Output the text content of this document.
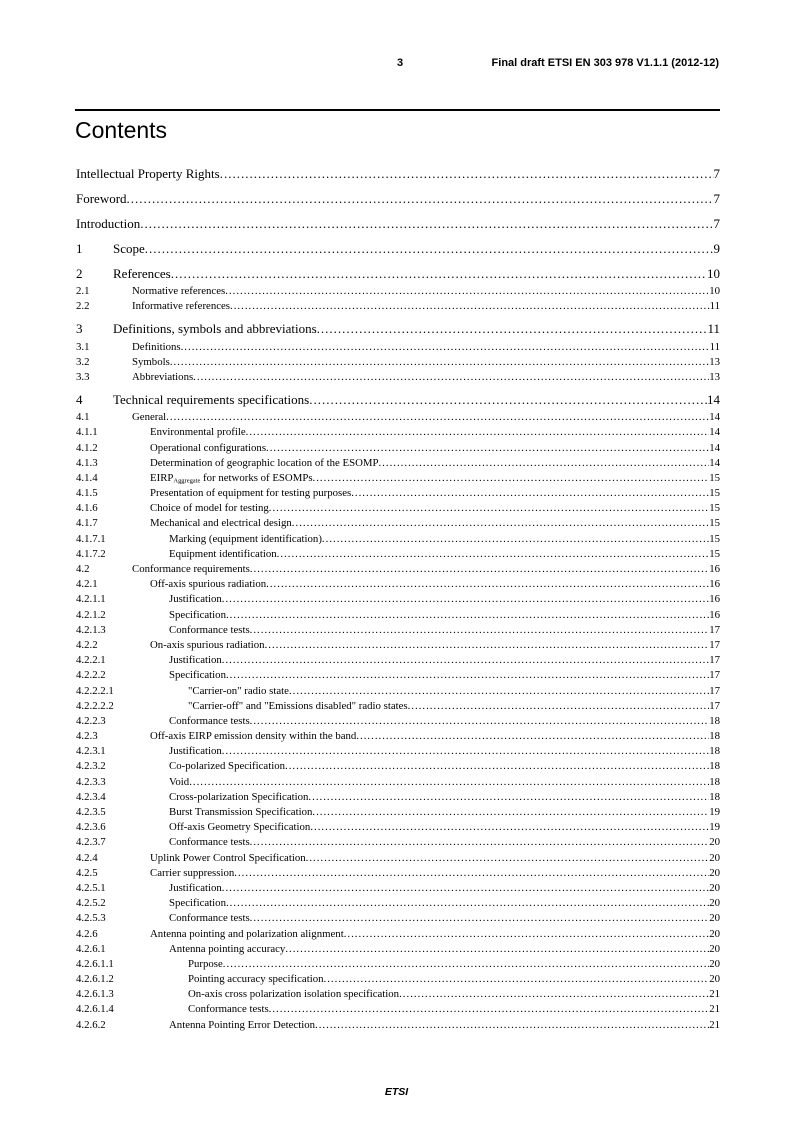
3	Final draft ETSI EN 303 978 V1.1.1 (2012-12)
Contents
Intellectual Property Rights .....	7
Foreword .....	7
Introduction .....	7
1 Scope .....	9
2 References .....	10
2.1	Normative references .....	10
2.2	Informative references .....	11
3 Definitions, symbols and abbreviations .....	11
3.1	Definitions .....	11
3.2	Symbols .....	13
3.3	Abbreviations .....	13
4 Technical requirements specifications .....	14
4.1	General .....	14
4.1.1	Environmental profile .....	14
4.1.2	Operational configurations .....	14
4.1.3	Determination of geographic location of the ESOMP .....	14
4.1.4	$EIRP_{Aggregate}$ for networks of ESOMPs .....	15
4.1.5	Presentation of equipment for testing purposes .....	15
4.1.6	Choice of model for testing .....	15
4.1.7	Mechanical and electrical design .....	15
4.1.7.1	Marking (equipment identification) .....	15
4.1.7.2	Equipment identification .....	15
4.2	Conformance requirements .....	16
4.2.1	Off-axis spurious radiation .....	16
4.2.1.1	Justification .....	16
4.2.1.2	Specification .....	16
4.2.1.3	Conformance tests .....	17
4.2.2	On-axis spurious radiation .....	17
4.2.2.1	Justification .....	17
4.2.2.2	Specification .....	17
4.2.2.2.1	"Carrier-on" radio state .....	17
4.2.2.2.2	"Carrier-off" and "Emissions disabled" radio states .....	17
4.2.2.3	Conformance tests .....	18
4.2.3	Off-axis EIRP emission density within the band .....	18
4.2.3.1	Justification .....	18
4.2.3.2	Co-polarized Specification .....	18
4.2.3.3	Void .....	18
4.2.3.4	Cross-polarization Specification .....	18
4.2.3.5	Burst Transmission Specification .....	19
4.2.3.6	Off-axis Geometry Specification .....	19
4.2.3.7	Conformance tests .....	20
4.2.4	Uplink Power Control Specification .....	20
4.2.5	Carrier suppression .....	20
4.2.5.1	Justification .....	20
4.2.5.2	Specification .....	20
4.2.5.3	Conformance tests .....	20
4.2.6	Antenna pointing and polarization alignment .....	20
4.2.6.1	Antenna pointing accuracy .....	20
4.2.6.1.1	Purpose .....	20
4.2.6.1.2	Pointing accuracy specification .....	20
4.2.6.1.3	On-axis cross polarization isolation specification .....	21
4.2.6.1.4	Conformance tests .....	21
4.2.6.2	Antenna Pointing Error Detection .....	21
ETSI
